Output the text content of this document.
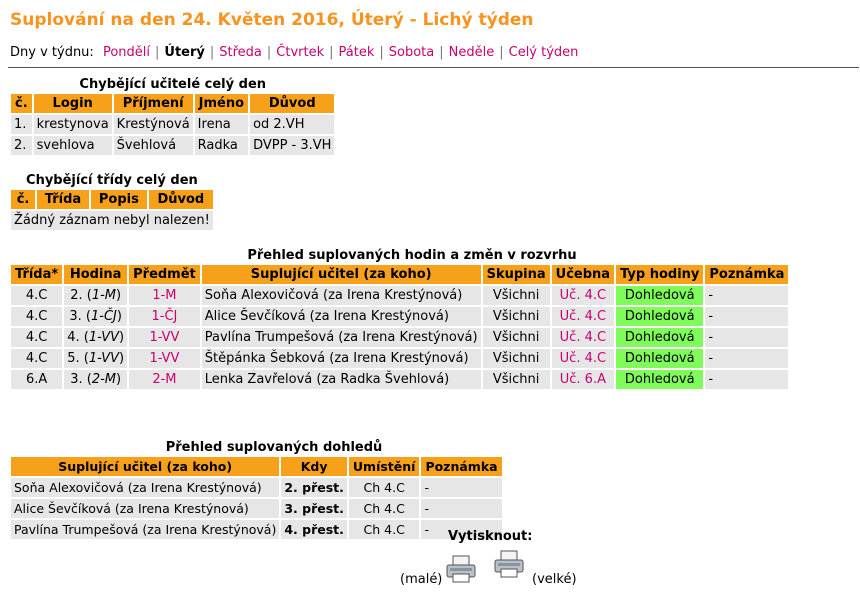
Suplování na den 24. Květen 2016, Úterý - Lichý týden
Dny v týdnu: Pondělí | Úterý | Středa | Čtvrtek | Pátek | Sobota | Neděle | Celý týden
Chybějící učitelé celý den
č.	Login	Příjmení	Jméno	Důvod
1.	krestynova	Krestýnová	Irena	od 2.VH
2.	svehlova	Švehlová	Radka	DVPP - 3.VH
Chybějící třídy celý den
č.	Třída	Popis	Důvod
Žádný záznam nebyl nalezen!
Přehled suplovaných hodin a změn v rozvrhu
Třída*	Hodina	Předmět	Suplující učitel (za koho)	Skupina	Učebna	Typ hodiny	Poznámka
4.C	2. (1-M)	1-M	Soňa Alexovičová (za Irena Krestýnová)	Všichni	Uč. 4.C	Dohledová	-
4.C	3. (1-ČJ)	1-ČJ	Alice Ševčíková (za Irena Krestýnová)	Všichni	Uč. 4.C	Dohledová	-
4.C	4. (1-VV)	1-VV	Pavlína Trumpešová (za Irena Krestýnová)	Všichni	Uč. 4.C	Dohledová	-
4.C	5. (1-VV)	1-VV	Štěpánka Šebková (za Irena Krestýnová)	Všichni	Uč. 4.C	Dohledová	-
6.A	3. (2-M)	2-M	Lenka Zavřelová (za Radka Švehlová)	Všichni	Uč. 6.A	Dohledová	-
Přehled suplovaných dohledů
Suplující učitel (za koho)	Kdy	Umístění	Poznámka
Soňa Alexovičová (za Irena Krestýnová)	2. přest.	Ch 4.C	-
Alice Ševčíková (za Irena Krestýnová)	3. přest.	Ch 4.C	-
Pavlína Trumpešová (za Irena Krestýnová)	4. přest.	Ch 4.C	- Vytisknout:
(malé)	(velké)
